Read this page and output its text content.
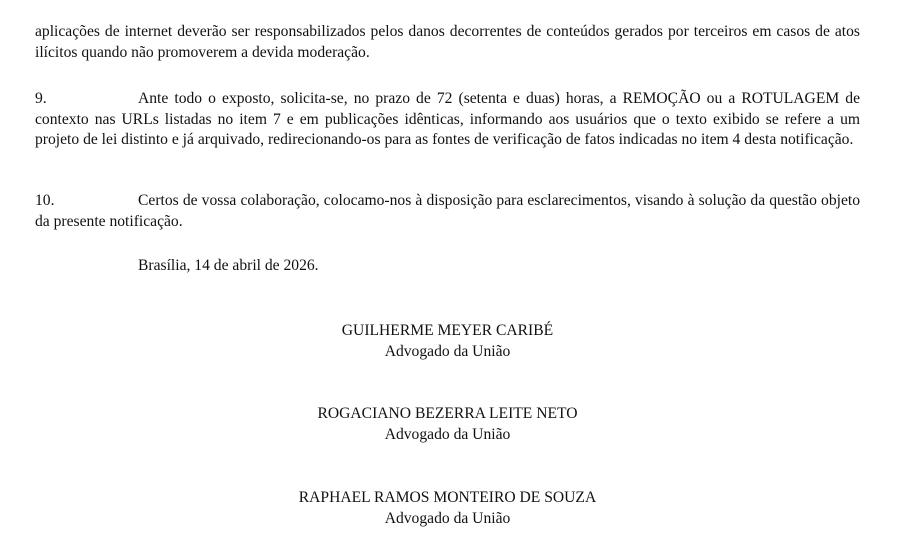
aplicações de internet deverão ser responsabilizados pelos danos decorrentes de conteúdos gerados por terceiros em casos de atos ilícitos quando não promoverem a devida moderação.

9.	Ante todo o exposto, solicita-se, no prazo de 72 (setenta e duas) horas, a REMOÇÃO ou a ROTULAGEM de contexto nas URLs listadas no item 7 e em publicações idênticas, informando aos usuários que o texto exibido se refere a um projeto de lei distinto e já arquivado, redirecionando-os para as fontes de verificação de fatos indicadas no item 4 desta notificação.

10.	Certos de vossa colaboração, colocamo-nos à disposição para esclarecimentos, visando à solução da questão objeto da presente notificação.

Brasília, 14 de abril de 2026.

GUILHERME MEYER CARIBÉ
Advogado da União
ROGACIANO BEZERRA LEITE NETO
Advogado da União
RAPHAEL RAMOS MONTEIRO DE SOUZA
Advogado da União
